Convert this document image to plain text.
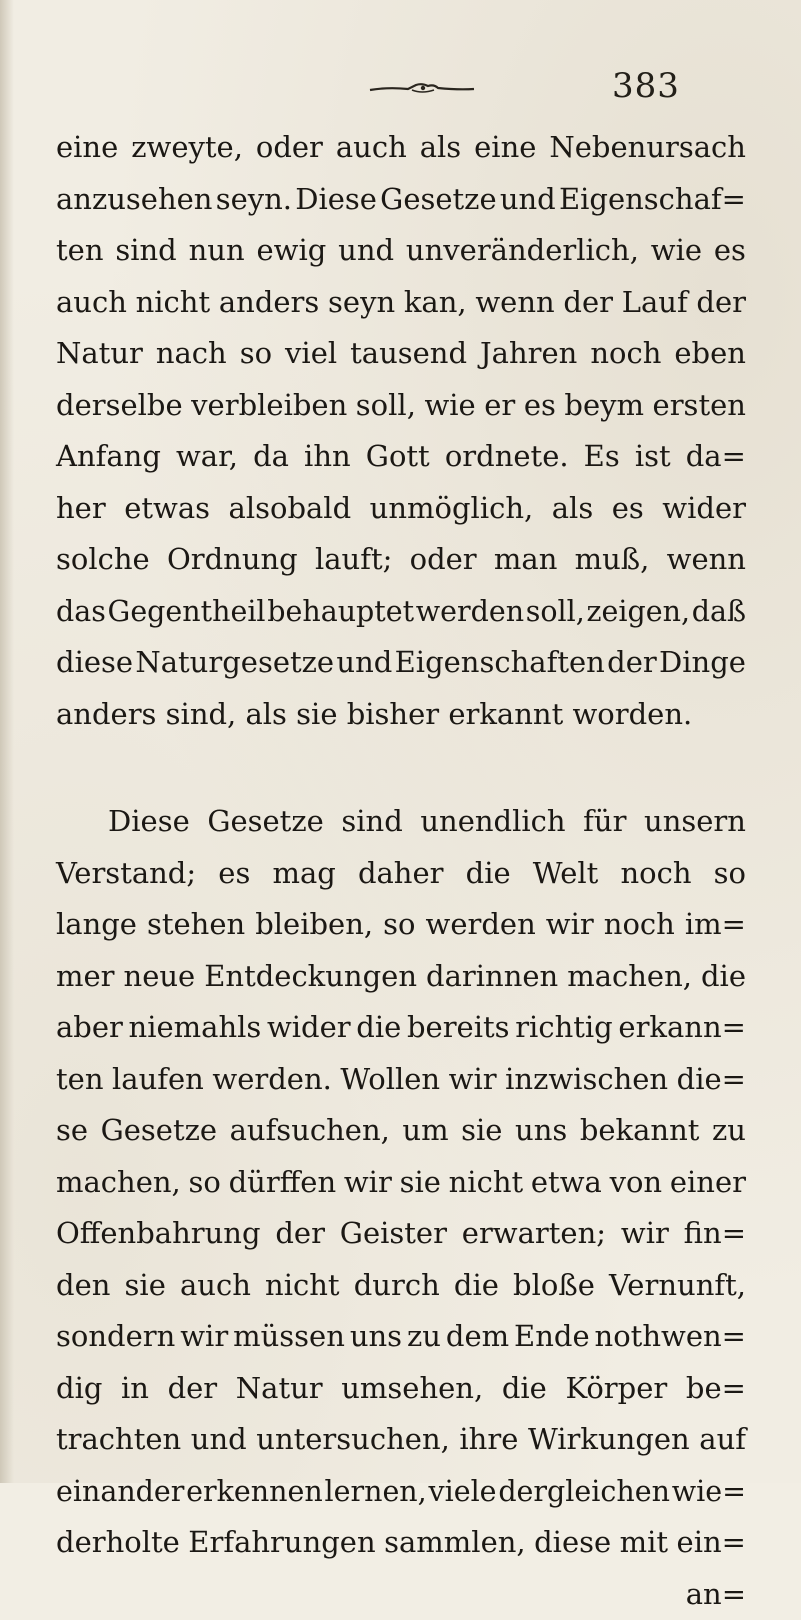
383
eine zweyte, oder auch als eine Nebenursach
anzusehen seyn. Diese Gesetze und Eigenschaf=
ten sind nun ewig und unveränderlich, wie es
auch nicht anders seyn kan, wenn der Lauf der
Natur nach so viel tausend Jahren noch eben
derselbe verbleiben soll, wie er es beym ersten
Anfang war, da ihn Gott ordnete. Es ist da=
her etwas alsobald unmöglich, als es wider
solche Ordnung lauft; oder man muß, wenn
das Gegentheil behauptet werden soll, zeigen, daß
diese Naturgesetze und Eigenschaften der Dinge
anders sind, als sie bisher erkannt worden.
Diese Gesetze sind unendlich für unsern
Verstand; es mag daher die Welt noch so
lange stehen bleiben, so werden wir noch im=
mer neue Entdeckungen darinnen machen, die
aber niemahls wider die bereits richtig erkann=
ten laufen werden. Wollen wir inzwischen die=
se Gesetze aufsuchen, um sie uns bekannt zu
machen, so dürffen wir sie nicht etwa von einer
Offenbahrung der Geister erwarten; wir fin=
den sie auch nicht durch die bloße Vernunft,
sondern wir müssen uns zu dem Ende nothwen=
dig in der Natur umsehen, die Körper be=
trachten und untersuchen, ihre Wirkungen auf
einander erkennen lernen, viele dergleichen wie=
derholte Erfahrungen sammlen, diese mit ein=
an=
